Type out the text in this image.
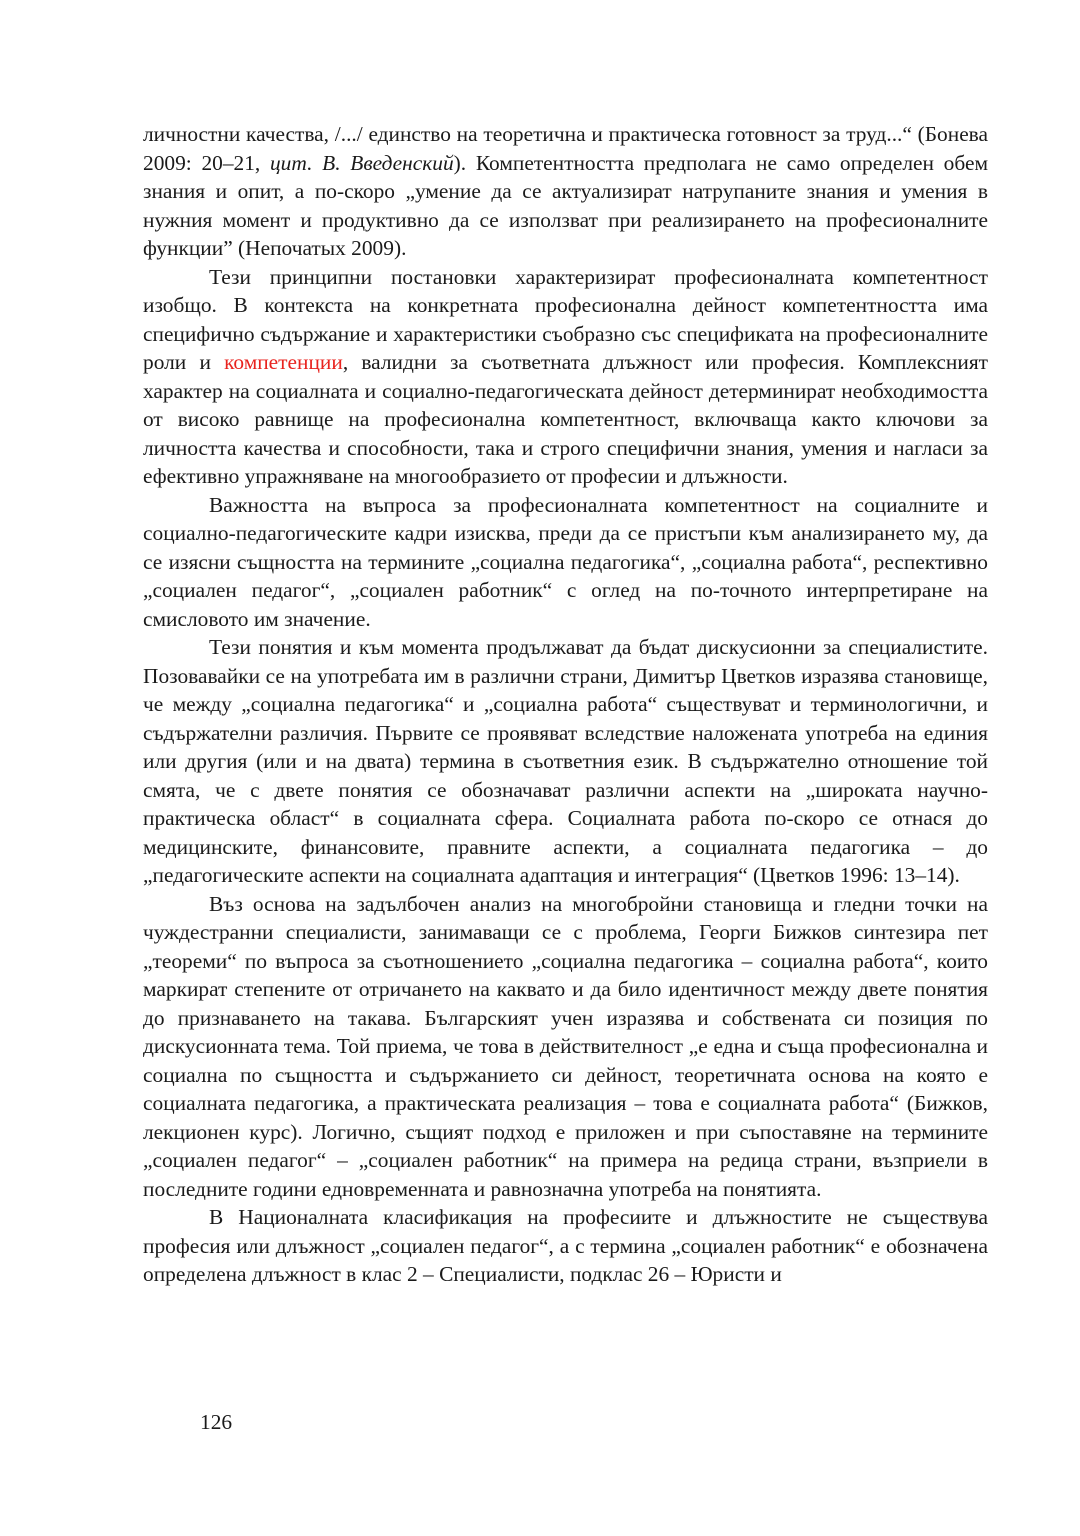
личностни качества, /.../ единство на теоретична и практическа готовност за труд...“ (Бонева 2009: 20–21, цит. В. Введенский). Компетентността предполага не само определен обем знания и опит, а по-скоро „умение да се актуализират натрупаните знания и умения в нужния момент и продуктивно да се използват при реализирането на професионалните функции” (Непочатых 2009).

Тези принципни постановки характеризират професионалната компетентност изобщо. В контекста на конкретната професионална дейност компетентността има специфично съдържание и характеристики съобразно със спецификата на професионалните роли и компетенции, валидни за съответната длъжност или професия. Комплексният характер на социалната и социално-педагогическата дейност детерминират необходимостта от високо равнище на професионална компетентност, включваща както ключови за личността качества и способности, така и строго специфични знания, умения и нагласи за ефективно упражняване на многообразието от професии и длъжности.

Важността на въпроса за професионалната компетентност на социалните и социално-педагогическите кадри изисква, преди да се пристъпи към анализирането му, да се изясни същността на термините „социална педагогика“, „социална работа“, респективно „социален педагог“, „социален работник“ с оглед на по-точното интерпретиране на смисловото им значение.

Тези понятия и към момента продължават да бъдат дискусионни за специалистите. Позовавайки се на употребата им в различни страни, Димитър Цветков изразява становище, че между „социална педагогика“ и „социална работа“ съществуват и терминологични, и съдържателни различия. Първите се проявяват вследствие наложената употреба на единия или другия (или и на двата) термина в съответния език. В съдържателно отношение той смята, че с двете понятия се обозначават различни аспекти на „широката научно-практическа област“ в социалната сфера. Социалната работа по-скоро се отнася до медицинските, финансовите, правните аспекти, а социалната педагогика – до „педагогическите аспекти на социалната адаптация и интеграция“ (Цветков 1996: 13–14).

Въз основа на задълбочен анализ на многобройни становища и гледни точки на чуждестранни специалисти, занимаващи се с проблема, Георги Бижков синтезира пет „теореми“ по въпроса за съотношението „социална педагогика – социална работа“, които маркират степените от отричането на каквато и да било идентичност между двете понятия до признаването на такава. Българският учен изразява и собствената си позиция по дискусионната тема. Той приема, че това в действителност „е една и съща професионална и социална по същността и съдържанието си дейност, теоретичната основа на която е социалната педагогика, а практическата реализация – това е социалната работа“ (Бижков, лекционен курс). Логично, същият подход е приложен и при съпоставяне на термините „социален педагог“ – „социален работник“ на примера на редица страни, възприели в последните години едновременната и равнозначна употреба на понятията.

В Националната класификация на професиите и длъжностите не съществува професия или длъжност „социален педагог“, а с термина „социален работник“ е обозначена определена длъжност в клас 2 – Специалисти, подклас 26 – Юристи и

126
